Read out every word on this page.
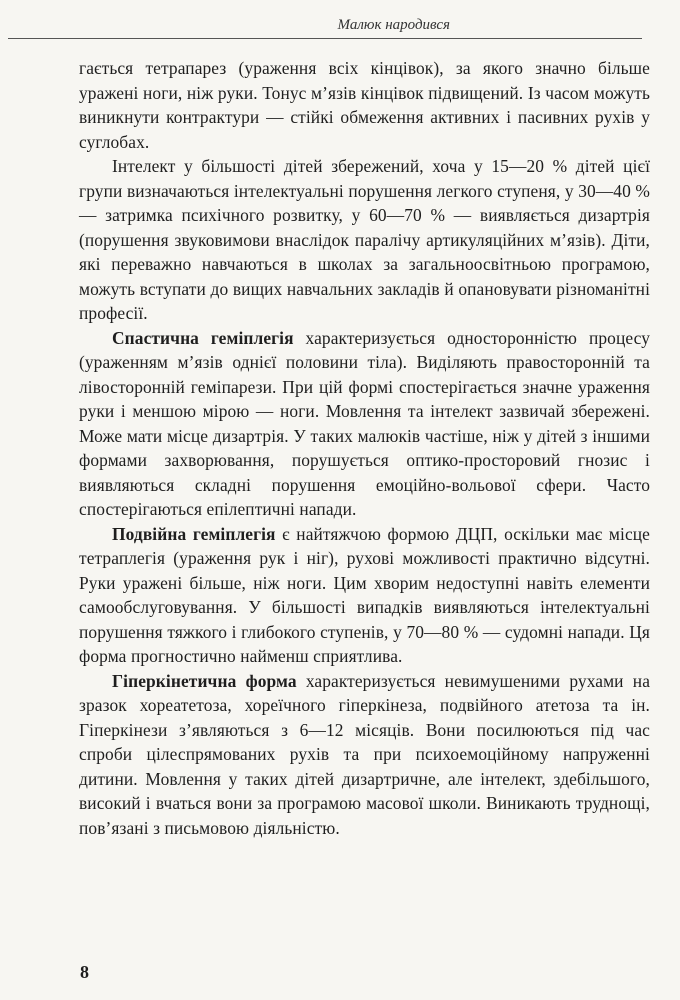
Малюк народився

гається тетрапарез (ураження всіх кінцівок), за якого значно більше уражені ноги, ніж руки. Тонус м’язів кінцівок підвищений. Із часом можуть виникнути контрактури — стійкі обмеження активних і пасивних рухів у суглобах.

Інтелект у більшості дітей збережений, хоча у 15—20 % дітей цієї групи визначаються інтелектуальні порушення легкого ступеня, у 30—40 % — затримка психічного розвитку, у 60—70 % — виявляється дизартрія (порушення звуковимови внаслідок паралічу артикуляційних м’язів). Діти, які переважно навчаються в школах за загальноосвітньою програмою, можуть вступати до вищих навчальних закладів й опановувати різноманітні професії.

Спастична геміплегія характеризується односторонністю процесу (ураженням м’язів однієї половини тіла). Виділяють правосторонній та лівосторонній геміпарези. При цій формі спостерігається значне ураження руки і меншою мірою — ноги. Мовлення та інтелект зазвичай збережені. Може мати місце дизартрія. У таких малюків частіше, ніж у дітей з іншими формами захворювання, порушується оптико-просторовий гнозис і виявляються складні порушення емоційно-вольової сфери. Часто спостерігаються епілептичні напади.

Подвійна геміплегія є найтяжчою формою ДЦП, оскільки має місце тетраплегія (ураження рук і ніг), рухові можливості практично відсутні. Руки уражені більше, ніж ноги. Цим хворим недоступні навіть елементи самообслуговування. У більшості випадків виявляються інтелектуальні порушення тяжкого і глибокого ступенів, у 70—80 % — судомні напади. Ця форма прогностично найменш сприятлива.

Гіперкінетична форма характеризується невимушеними рухами на зразок хореатетоза, хореїчного гіперкінеза, подвійного атетоза та ін. Гіперкінези з’являються з 6—12 місяців. Вони посилюються під час спроби цілеспрямованих рухів та при психоемоційному напруженні дитини. Мовлення у таких дітей дизартричне, але інтелект, здебільшого, високий і вчаться вони за програмою масової школи. Виникають труднощі, пов’язані з письмовою діяльністю.

8
